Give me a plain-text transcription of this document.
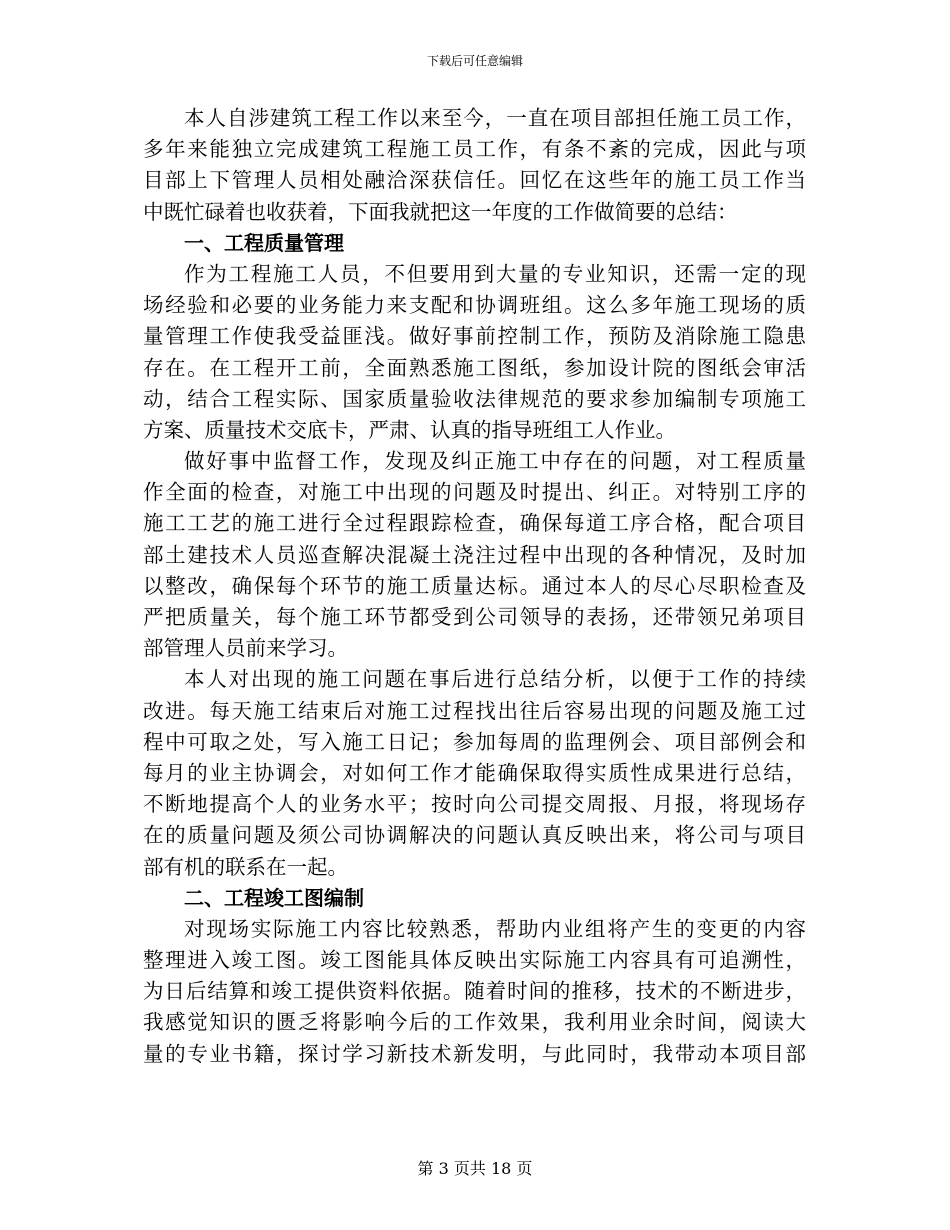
下载后可任意编辑
本人自涉建筑工程工作以来至今，一直在项目部担任施工员工作，
多年来能独立完成建筑工程施工员工作，有条不紊的完成，因此与项
目部上下管理人员相处融洽深获信任。回忆在这些年的施工员工作当
中既忙碌着也收获着，下面我就把这一年度的工作做简要的总结：
一、工程质量管理
作为工程施工人员，不但要用到大量的专业知识，还需一定的现
场经验和必要的业务能力来支配和协调班组。这么多年施工现场的质
量管理工作使我受益匪浅。做好事前控制工作，预防及消除施工隐患
存在。在工程开工前，全面熟悉施工图纸，参加设计院的图纸会审活
动，结合工程实际、国家质量验收法律规范的要求参加编制专项施工
方案、质量技术交底卡，严肃、认真的指导班组工人作业。
做好事中监督工作，发现及纠正施工中存在的问题，对工程质量
作全面的检查，对施工中出现的问题及时提出、纠正。对特别工序的
施工工艺的施工进行全过程跟踪检查，确保每道工序合格，配合项目
部土建技术人员巡查解决混凝土浇注过程中出现的各种情况，及时加
以整改，确保每个环节的施工质量达标。通过本人的尽心尽职检查及
严把质量关，每个施工环节都受到公司领导的表扬，还带领兄弟项目
部管理人员前来学习。
本人对出现的施工问题在事后进行总结分析，以便于工作的持续
改进。每天施工结束后对施工过程找出往后容易出现的问题及施工过
程中可取之处，写入施工日记；参加每周的监理例会、项目部例会和
每月的业主协调会，对如何工作才能确保取得实质性成果进行总结，
不断地提高个人的业务水平；按时向公司提交周报、月报，将现场存
在的质量问题及须公司协调解决的问题认真反映出来，将公司与项目
部有机的联系在一起。
二、工程竣工图编制
对现场实际施工内容比较熟悉，帮助内业组将产生的变更的内容
整理进入竣工图。竣工图能具体反映出实际施工内容具有可追溯性，
为日后结算和竣工提供资料依据。随着时间的推移，技术的不断进步，
我感觉知识的匮乏将影响今后的工作效果，我利用业余时间，阅读大
量的专业书籍，探讨学习新技术新发明，与此同时，我带动本项目部
第 3 页共 18 页
